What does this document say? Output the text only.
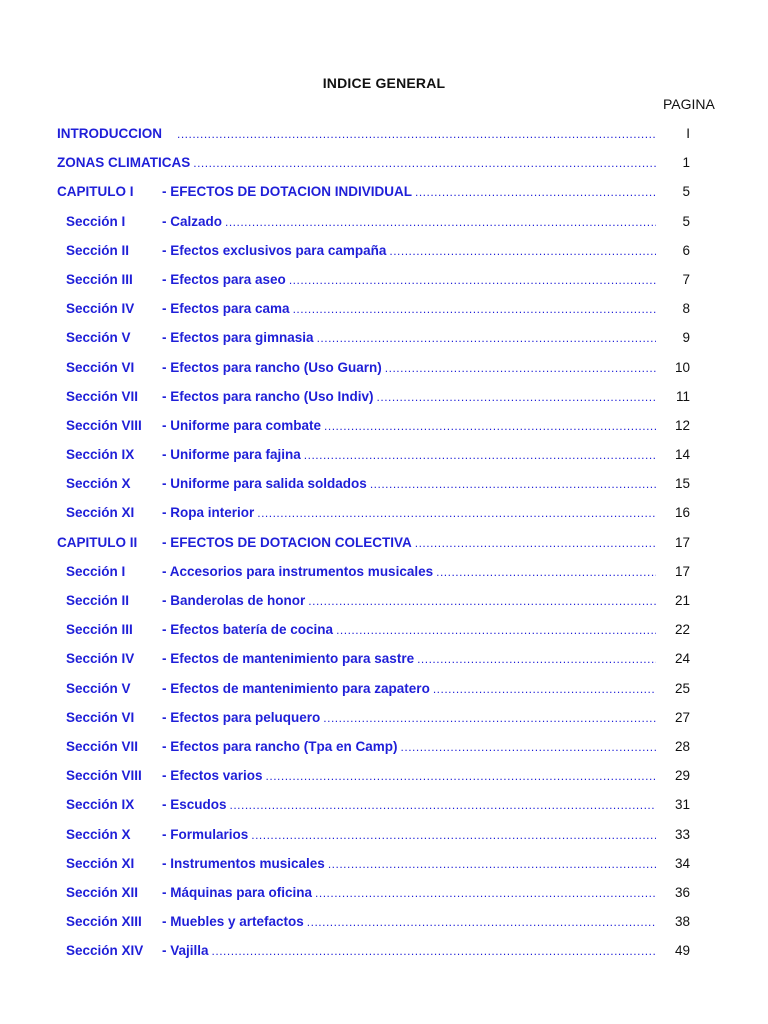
INDICE GENERAL
PAGINA
INTRODUCCION .....	I
ZONAS CLIMATICAS .....	1
CAPITULO I - EFECTOS DE DOTACION INDIVIDUAL .....	5
Sección I	- Calzado .....	5
Sección II - Efectos exclusivos para campaña .....	6
Sección III - Efectos para aseo .....	7
Sección IV - Efectos para cama .....	8
Sección V - Efectos para gimnasia .....	9
Sección VI - Efectos para rancho (Uso Guarn) .....	10
Sección VII - Efectos para rancho (Uso Indiv) .....	11
Sección VIII - Uniforme para combate .....	12
Sección IX - Uniforme para fajina .....	14
Sección X - Uniforme para salida soldados .....	15
Sección XI - Ropa interior .....	16
CAPITULO II - EFECTOS DE DOTACION COLECTIVA .....	17
Sección I	- Accesorios para instrumentos musicales .....	17
Sección II - Banderolas de honor .....	21
Sección III - Efectos batería de cocina .....	22
Sección IV - Efectos de mantenimiento para sastre .....	24
Sección V - Efectos de mantenimiento para zapatero .....	25
Sección VI - Efectos para peluquero .....	27
Sección VII - Efectos para rancho (Tpa en Camp) .....	28
Sección VIII - Efectos varios .....	29
Sección IX - Escudos .....	31
Sección X - Formularios .....	33
Sección XI - Instrumentos musicales .....	34
Sección XII - Máquinas para oficina .....	36
Sección XIII - Muebles y artefactos .....	38
Sección XIV - Vajilla .....	49
